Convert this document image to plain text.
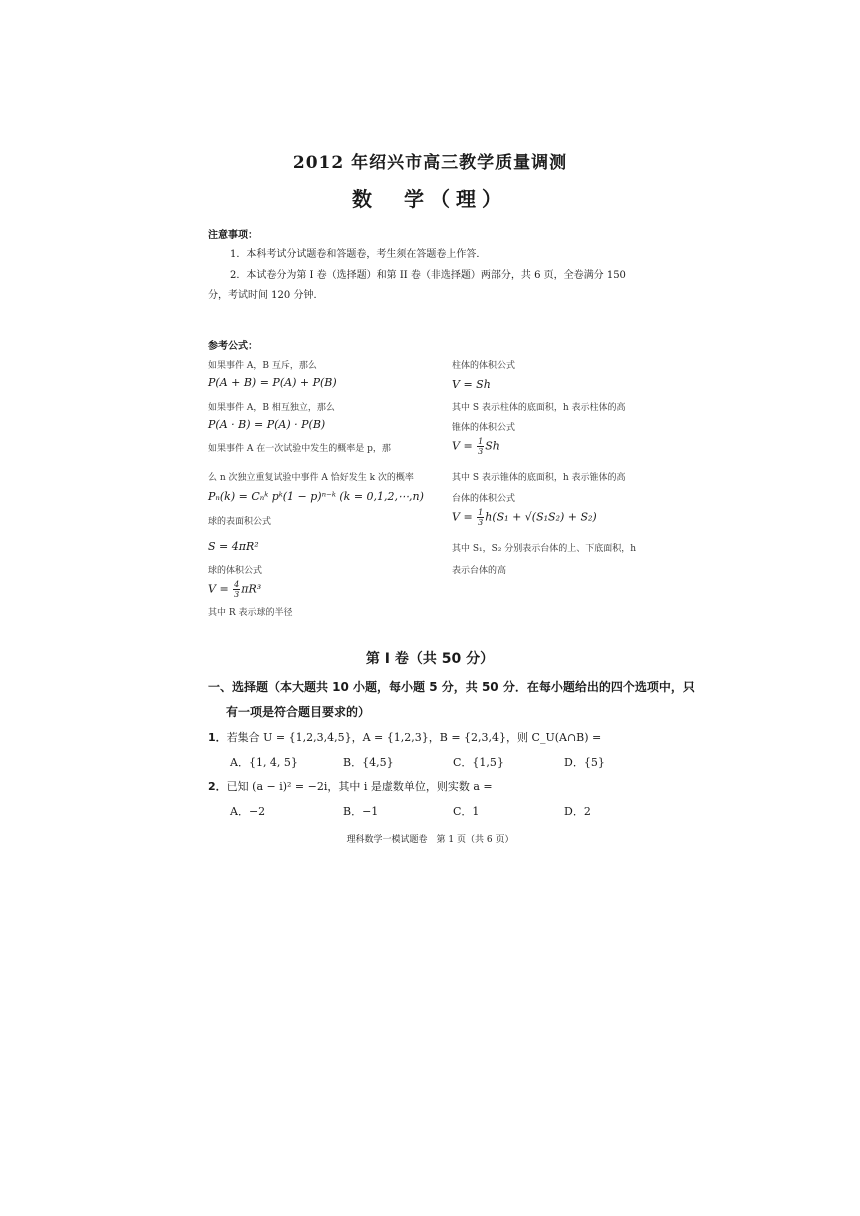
2012 年绍兴市高三教学质量调测
数　学（理）
注意事项：
1．本科考试分试题卷和答题卷，考生须在答题卷上作答．
2．本试卷分为第 I 卷（选择题）和第 II 卷（非选择题）两部分，共 6 页，全卷满分 150
分，考试时间 120 分钟．
参考公式：
如果事件 A，B 互斥，那么
P(A + B) = P(A) + P(B)
如果事件 A，B 相互独立，那么
P(A · B) = P(A) · P(B)
如果事件 A 在一次试验中发生的概率是 p，那
么 n 次独立重复试验中事件 A 恰好发生 k 次的概率
Pₙ(k) = Cₙᵏ pᵏ(1 − p)ⁿ⁻ᵏ (k = 0,1,2,⋯,n)
球的表面积公式
S = 4πR²
球的体积公式
$V = \frac{4}{3} \pi R^3$
其中 R 表示球的半径
柱体的体积公式
V = Sh
其中 S 表示柱体的底面积，h 表示柱体的高
锥体的体积公式
$V = \frac{1}{3}$ Sh
其中 S 表示锥体的底面积，h 表示锥体的高
台体的体积公式
$V = \frac{1}{3} h(S_1 + √(S_1S_2) + S_2)$
其中 S₁，S₂ 分别表示台体的上、下底面积，h
表示台体的高
第 I 卷（共 50 分）
一、选择题（本大题共 10 小题，每小题 5 分，共 50 分．在每小题给出的四个选项中，只
有一项是符合题目要求的）
1．若集合 U = {1,2,3,4,5}，A = {1,2,3}，B = {2,3,4}，则 C_U(A∩B) =
A．{1, 4, 5}	B．{4,5}	C．{1,5}	D．{5}
2．已知 (a − i)² = −2i，其中 i 是虚数单位，则实数 a =
A．−2	B．−1	C．1	D．2
理科数学一模试题卷　第 1 页（共 6 页）
